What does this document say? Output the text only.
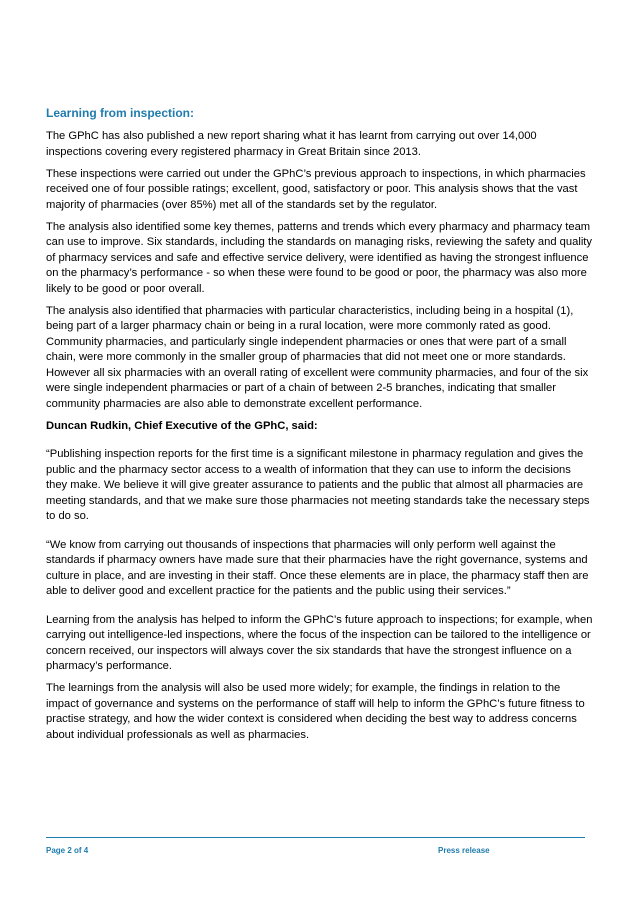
Learning from inspection:

The GPhC has also published a new report sharing what it has learnt from carrying out over 14,000 inspections covering every registered pharmacy in Great Britain since 2013.

These inspections were carried out under the GPhC’s previous approach to inspections, in which pharmacies received one of four possible ratings; excellent, good, satisfactory or poor. This analysis shows that the vast majority of pharmacies (over 85%) met all of the standards set by the regulator.

The analysis also identified some key themes, patterns and trends which every pharmacy and pharmacy team can use to improve. Six standards, including the standards on managing risks, reviewing the safety and quality of pharmacy services and safe and effective service delivery, were identified as having the strongest influence on the pharmacy’s performance - so when these were found to be good or poor, the pharmacy was also more likely to be good or poor overall.

The analysis also identified that pharmacies with particular characteristics, including being in a hospital (1), being part of a larger pharmacy chain or being in a rural location, were more commonly rated as good. Community pharmacies, and particularly single independent pharmacies or ones that were part of a small chain, were more commonly in the smaller group of pharmacies that did not meet one or more standards. However all six pharmacies with an overall rating of excellent were community pharmacies, and four of the six were single independent pharmacies or part of a chain of between 2-5 branches, indicating that smaller community pharmacies are also able to demonstrate excellent performance.

Duncan Rudkin, Chief Executive of the GPhC, said:

“Publishing inspection reports for the first time is a significant milestone in pharmacy regulation and gives the public and the pharmacy sector access to a wealth of information that they can use to inform the decisions they make. We believe it will give greater assurance to patients and the public that almost all pharmacies are meeting standards, and that we make sure those pharmacies not meeting standards take the necessary steps to do so.

“We know from carrying out thousands of inspections that pharmacies will only perform well against the standards if pharmacy owners have made sure that their pharmacies have the right governance, systems and culture in place, and are investing in their staff. Once these elements are in place, the pharmacy staff then are able to deliver good and excellent practice for the patients and the public using their services.”

Learning from the analysis has helped to inform the GPhC’s future approach to inspections; for example, when carrying out intelligence-led inspections, where the focus of the inspection can be tailored to the intelligence or concern received, our inspectors will always cover the six standards that have the strongest influence on a pharmacy’s performance.

The learnings from the analysis will also be used more widely; for example, the findings in relation to the impact of governance and systems on the performance of staff will help to inform the GPhC’s future fitness to practise strategy, and how the wider context is considered when deciding the best way to address concerns about individual professionals as well as pharmacies.

Page 2 of 4	Press release
